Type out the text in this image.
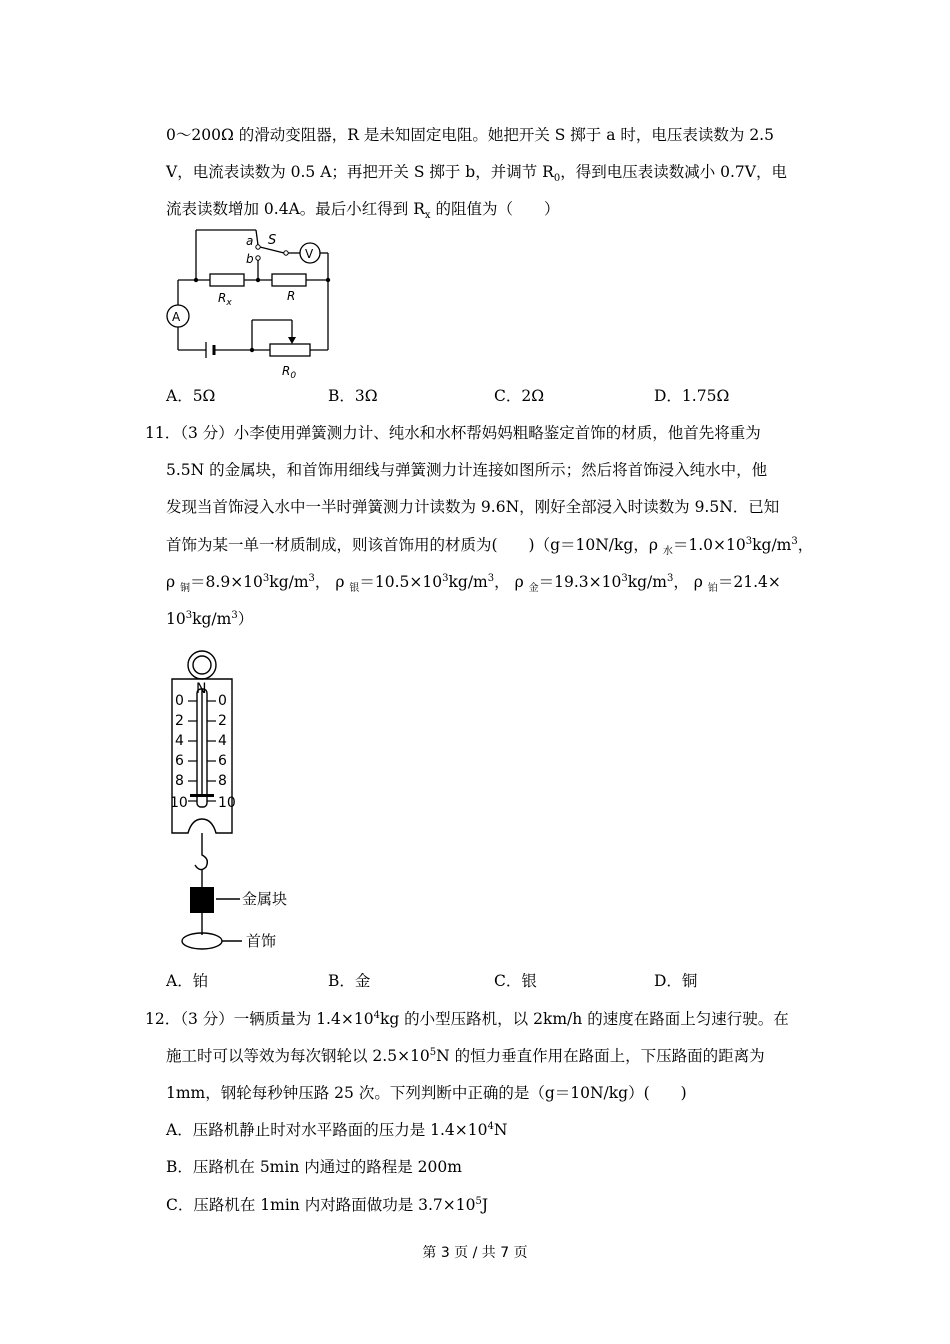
0～200Ω 的滑动变阻器，R 是未知固定电阻。她把开关 S 掷于 a 时，电压表读数为 2.5
V，电流表读数为 0.5 A；再把开关 S 掷于 b，并调节 $R_0$，得到电压表读数减小 0.7V，电
流表读数增加 0.4A。最后小红得到 $R_x$ 的阻值为（　　）
a
b
S
V
A
$R_x$	R
$R_0$
A．5Ω	B．3Ω	C．2Ω	D．1.75Ω
11．（3 分）小李使用弹簧测力计、纯水和水杯帮妈妈粗略鉴定首饰的材质，他首先将重为
5.5N 的金属块，和首饰用细线与弹簧测力计连接如图所示；然后将首饰浸入纯水中，他
发现当首饰浸入水中一半时弹簧测力计读数为 9.6N，刚好全部浸入时读数为 9.5N．已知
首饰为某一单一材质制成，则该首饰用的材质为(　　)（g＝10N/kg，ρ $_水=1.0\times 10^3kg/m^3$，
ρ $_铜=8.9\times 10^3kg/m^3$， ρ $_银=10.5\times 10^3kg/m^3$， ρ $_金=19.3\times 10^3kg/m^3$， ρ $_铂$＝21.4×
$10^3kg/m^3$）
N
0
2
4
6
8
10
0
2
4
6
8
10
金属块
首饰
A．铂	B．金	C．银	D．铜
12．（3 分）一辆质量为 $1.4\times 10^4kg$ 的小型压路机，以 2km/h 的速度在路面上匀速行驶。在
施工时可以等效为每次钢轮以 $2.5\times 10^5N$ 的恒力垂直作用在路面上，下压路面的距离为
1mm，钢轮每秒钟压路 25 次。下列判断中正确的是（g＝10N/kg）(　　)
A．压路机静止时对水平路面的压力是 $1.4\times 10^4N$
B．压路机在 5min 内通过的路程是 200m
C．压路机在 1min 内对路面做功是 $3.7\times 10^5J$
第 3 页 / 共 7 页
